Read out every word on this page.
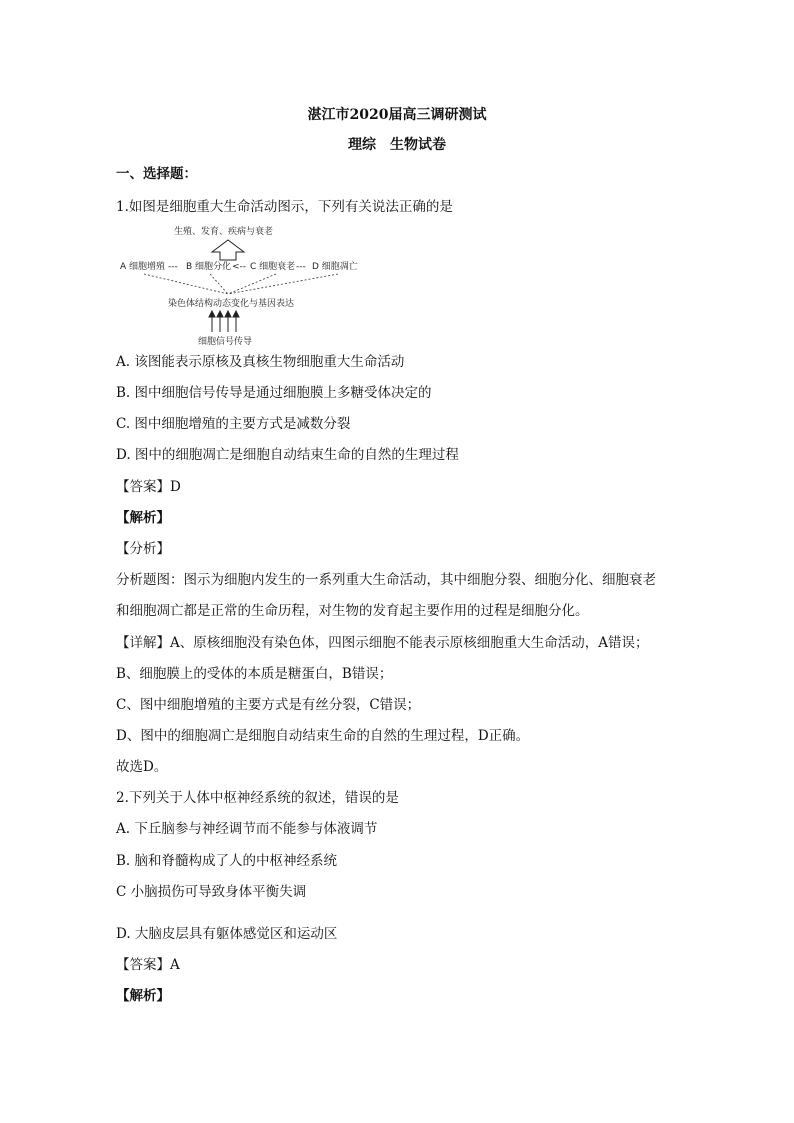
湛江市2020届高三调研测试
理综　生物试卷
一、选择题：
1.如图是细胞重大生命活动图示，下列有关说法正确的是
生殖、发育、疾病与衰老
A 细胞增殖 --- B 细胞分化 <-- C 细胞衰老 --- D 细胞凋亡
染色体结构动态变化与基因表达
细胞信号传导
A. 该图能表示原核及真核生物细胞重大生命活动
B. 图中细胞信号传导是通过细胞膜上多糖受体决定的
C. 图中细胞增殖的主要方式是减数分裂
D. 图中的细胞凋亡是细胞自动结束生命的自然的生理过程
【答案】D
【解析】
【分析】
分析题图：图示为细胞内发生的一系列重大生命活动，其中细胞分裂、细胞分化、细胞衰老
和细胞凋亡都是正常的生命历程，对生物的发育起主要作用的过程是细胞分化。
【详解】A、原核细胞没有染色体，四图示细胞不能表示原核细胞重大生命活动，A错误；
B、细胞膜上的受体的本质是糖蛋白，B错误；
C、图中细胞增殖的主要方式是有丝分裂，C错误；
D、图中的细胞凋亡是细胞自动结束生命的自然的生理过程，D正确。
故选D。
2.下列关于人体中枢神经系统的叙述，错误的是
A. 下丘脑参与神经调节而不能参与体液调节
B. 脑和脊髓构成了人的中枢神经系统
C 小脑损伤可导致身体平衡失调
D. 大脑皮层具有躯体感觉区和运动区
【答案】A
【解析】
